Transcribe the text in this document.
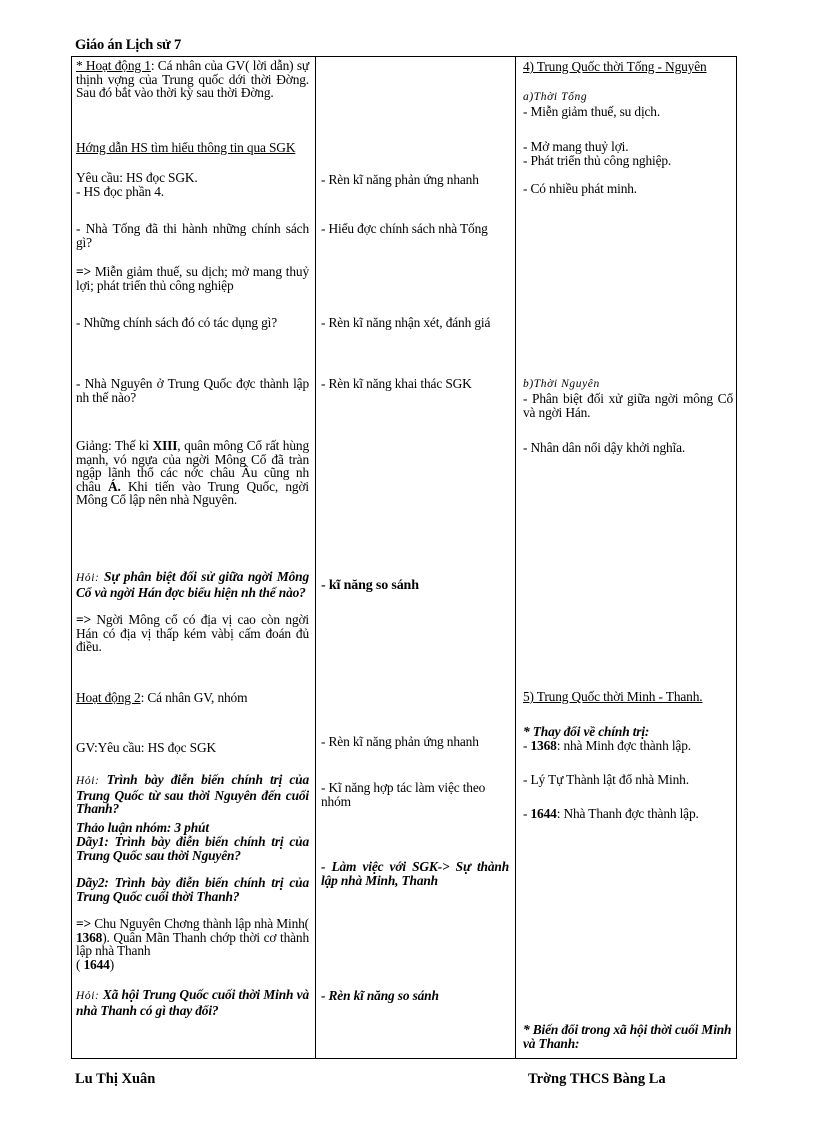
Giáo án Lịch sử 7
* Hoạt động 1: Cá nhân của GV( lời dẫn) sự thịnh vợng của Trung quốc dới thời Đờng. Sau đó bắt vào thời kỳ sau thời Đờng.
Hớng dẫn HS tìm hiểu thông tin qua SGK
Yêu cầu: HS đọc SGK.
- HS đọc phần 4.
- Nhà Tống đã thi hành những chính sách gì?
=> Miễn giảm thuế, su dịch; mở mang thuỷ lợi; phát triển thủ công nghiệp
- Những chính sách đó có tác dụng gì?
- Nhà Nguyên ở Trung Quốc đợc thành lập nh thế nào?
Giảng: Thế kỉ XIII, quân mông Cổ rất hùng mạnh, vó ngựa của ngời Mông Cổ đã tràn ngập lãnh thổ các nớc châu Âu cũng nh châu Á. Khi tiến vào Trung Quốc, ngời Mông Cổ lập nên nhà Nguyên.
Hỏi: Sự phân biệt đối sử giữa ngời Mông Cổ và ngời Hán đợc biểu hiện nh thế nào?
=> Ngời Mông cổ có địa vị cao còn ngời Hán có địa vị thấp kém vàbị cấm đoán đủ điều.
Hoạt động 2: Cá nhân GV, nhóm
GV:Yêu cầu: HS đọc SGK
Hỏi: Trình bày điễn biến chính trị của Trung Quốc từ sau thời Nguyên đến cuối Thanh?
Thảo luận nhóm: 3 phút
Dãy1: Trình bày điễn biến chính trị của Trung Quốc sau thời Nguyên?
Dãy2: Trình bày điễn biến chính trị của Trung Quốc cuối thời Thanh?
=> Chu Nguyên Chơng thành lập nhà Minh( 1368). Quân Mãn Thanh chớp thời cơ thành lập nhà Thanh
( 1644)
Hỏi: Xã hội Trung Quốc cuối thời Minh và nhà Thanh có gì thay đổi?
- Rèn kĩ năng phản ứng nhanh
- Hiểu đợc chính sách nhà Tống
- Rèn kĩ năng nhận xét, đánh giá
- Rèn kĩ năng khai thác SGK
- kĩ năng so sánh
- Rèn kĩ năng phản ứng nhanh
- Kĩ năng hợp tác làm việc theo nhóm
- Làm việc với SGK-> Sự thành lập nhà Minh, Thanh
- Rèn kĩ năng so sánh
4) Trung Quốc thời Tống - Nguyên
a)Thời Tống
- Miễn giảm thuế, su dịch.
- Mở mang thuỷ lợi.
- Phát triển thủ công nghiệp.
- Có nhiều phát minh.
b)Thời Nguyên
- Phân biệt đối xử giữa ngời mông Cổ và ngời Hán.
- Nhân dân nổi dậy khởi nghĩa.
5) Trung Quốc thời Minh - Thanh.
* Thay đổi về chính trị:
- 1368: nhà Minh đợc thành lập.
- Lý Tự Thành lật đổ nhà Minh.
- 1644: Nhà Thanh đợc thành lập.
* Biến đổi trong xã hội thời cuối Minh và Thanh:
Lu Thị Xuân	Trờng THCS Bàng La
